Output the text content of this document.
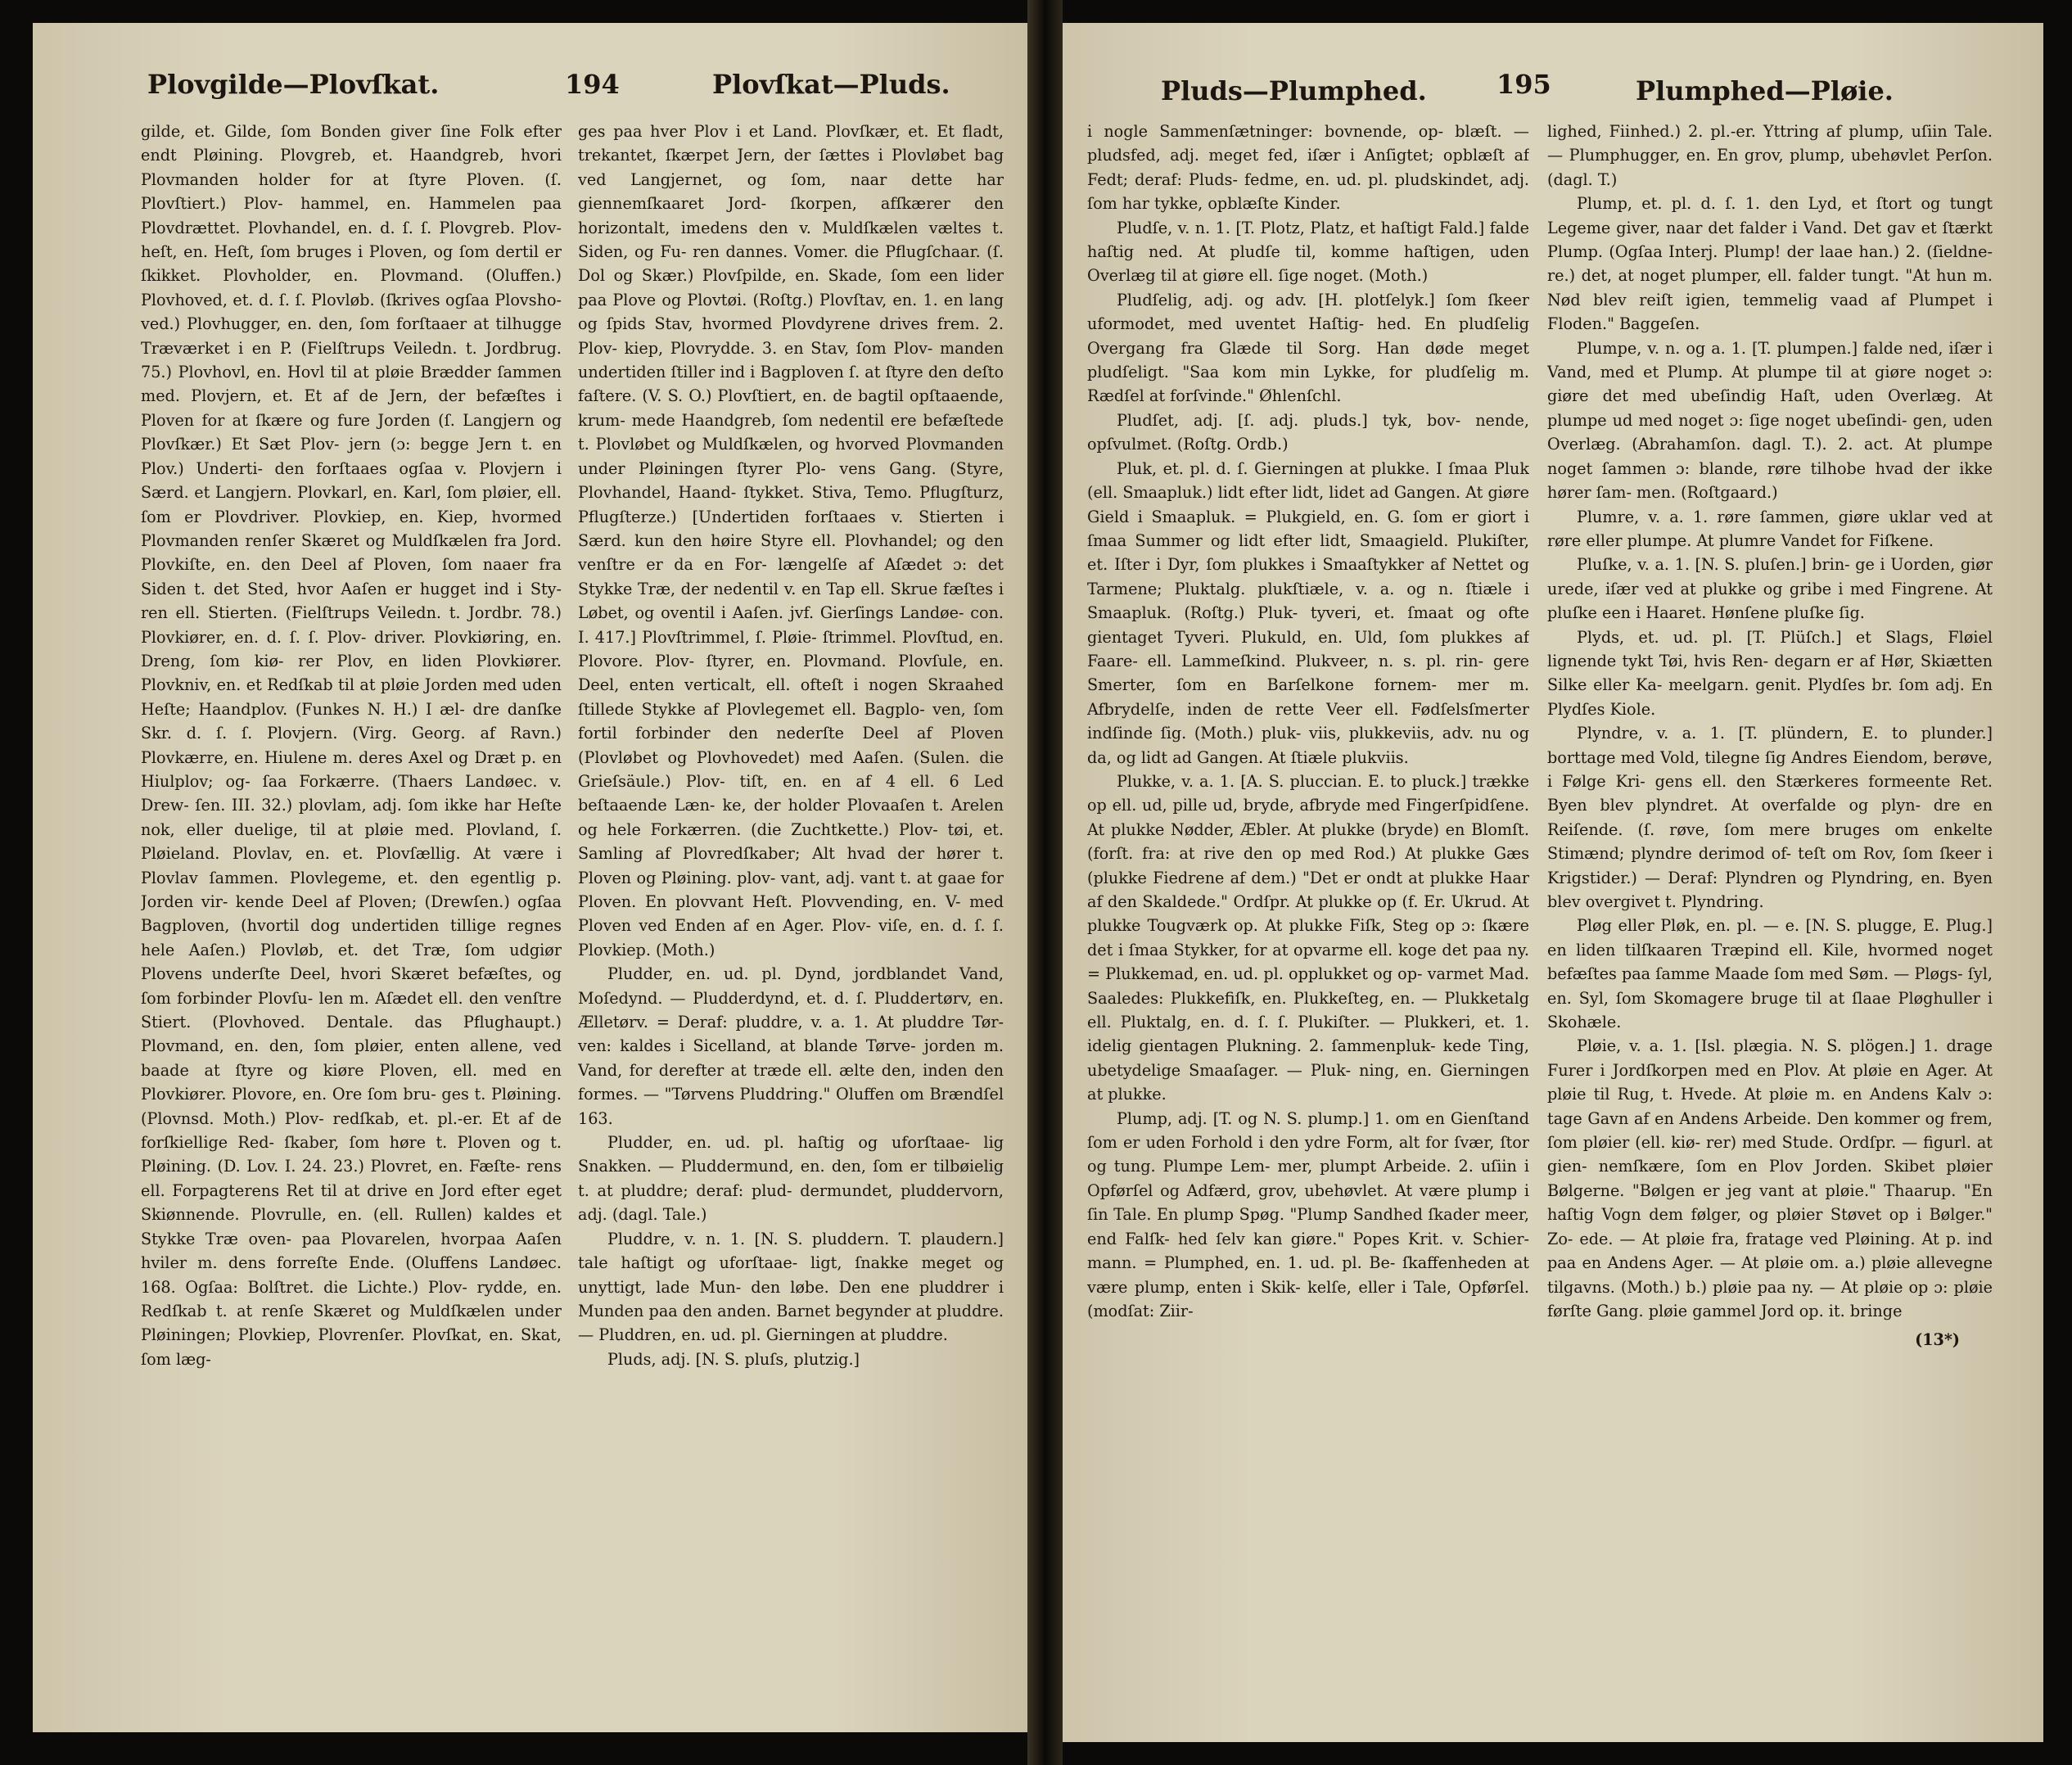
Plovgilde—Plovſkat.	194	Plovſkat—Pluds.

gilde, et. Gilde, ſom Bonden giver ſine Folk efter endt Pløining. Plovgreb, et. Haandgreb, hvori Plovmanden holder for at ſtyre Ploven. (ſ. Plovſtiert.) Plov- hammel, en. Hammelen paa Plovdrættet. Plovhandel, en. d. ſ. ſ. Plovgreb. Plov- heſt, en. Heſt, ſom bruges i Ploven, og ſom dertil er ſkikket. Plovholder, en. Plovmand. (Oluffen.) Plovhoved, et. d. ſ. ſ. Plovløb. (ſkrives ogſaa Plovsho- ved.) Plovhugger, en. den, ſom forſtaaer at tilhugge Træværket i en P. (Fielſtrups Veiledn. t. Jordbrug. 75.) Plovhovl, en. Hovl til at pløie Brædder ſammen med. Plovjern, et. Et af de Jern, der befæſtes i Ploven for at ſkære og fure Jorden (ſ. Langjern og Plovſkær.) Et Sæt Plov- jern (ɔ: begge Jern t. en Plov.) Underti- den forſtaaes ogſaa v. Plovjern i Særd. et Langjern. Plovkarl, en. Karl, ſom pløier, ell. ſom er Plovdriver. Plovkiep, en. Kiep, hvormed Plovmanden renſer Skæret og Muldſkælen fra Jord. Plovkiſte, en. den Deel af Ploven, ſom naaer fra Siden t. det Sted, hvor Aaſen er hugget ind i Sty- ren ell. Stierten. (Fielſtrups Veiledn. t. Jordbr. 78.) Plovkiører, en. d. ſ. ſ. Plov- driver. Plovkiøring, en. Dreng, ſom kiø- rer Plov, en liden Plovkiører. Plovkniv, en. et Redſkab til at pløie Jorden med uden Heſte; Haandplov. (Funkes N. H.) I æl- dre danſke Skr. d. ſ. ſ. Plovjern. (Virg. Georg. af Ravn.) Plovkærre, en. Hiulene m. deres Axel og Dræt p. en Hiulplov; og- ſaa Forkærre. (Thaers Landøec. v. Drew- ſen. III. 32.) plovlam, adj. ſom ikke har Heſte nok, eller duelige, til at pløie med. Plovland, ſ. Pløieland. Plovlav, en. et. Plovſællig. At være i Plovlav ſammen. Plovlegeme, et. den egentlig p. Jorden vir- kende Deel af Ploven; (Drewſen.) ogſaa Bagploven, (hvortil dog undertiden tillige regnes hele Aaſen.) Plovløb, et. det Træ, ſom udgiør Plovens underſte Deel, hvori Skæret befæſtes, og ſom forbinder Plovſu- len m. Aſædet ell. den venſtre Stiert. (Plovhoved. Dentale. das Pflughaupt.) Plovmand, en. den, ſom pløier, enten allene, ved baade at ſtyre og kiøre Ploven, ell. med en Plovkiører. Plovore, en. Ore ſom bru- ges t. Pløining. (Plovnsd. Moth.) Plov- redſkab, et. pl.-er. Et af de forſkiellige Red- ſkaber, ſom høre t. Ploven og t. Pløining. (D. Lov. I. 24. 23.) Plovret, en. Fæſte- rens ell. Forpagterens Ret til at drive en Jord efter eget Skiønnende. Plovrulle, en. (ell. Rullen) kaldes et Stykke Træ oven- paa Plovarelen, hvorpaa Aaſen hviler m. dens forreſte Ende. (Oluffens Landøec. 168. Ogſaa: Bolſtret. die Lichte.) Plov- rydde, en. Redſkab t. at renſe Skæret og Muldſkælen under Pløiningen; Plovkiep, Plovrenſer. Plovſkat, en. Skat, ſom læg-

ges paa hver Plov i et Land. Plovſkær, et. Et fladt, trekantet, ſkærpet Jern, der ſættes i Plovløbet bag ved Langjernet, og ſom, naar dette har giennemſkaaret Jord- ſkorpen, afſkærer den horizontalt, imedens den v. Muldſkælen væltes t. Siden, og Fu- ren dannes. Vomer. die Pflugſchaar. (ſ. Dol og Skær.) Plovſpilde, en. Skade, ſom een lider paa Plove og Plovtøi. (Roſtg.) Plovſtav, en. 1. en lang og ſpids Stav, hvormed Plovdyrene drives frem. 2. Plov- kiep, Plovrydde. 3. en Stav, ſom Plov- manden undertiden ſtiller ind i Bagploven ſ. at ſtyre den deſto faſtere. (V. S. O.) Plovſtiert, en. de bagtil opſtaaende, krum- mede Haandgreb, ſom nedentil ere befæſtede t. Plovløbet og Muldſkælen, og hvorved Plovmanden under Pløiningen ſtyrer Plo- vens Gang. (Styre, Plovhandel, Haand- ſtykket. Stiva, Temo. Pflugſturz, Pflugſterze.) [Undertiden forſtaaes v. Stierten i Særd. kun den høire Styre ell. Plovhandel; og den venſtre er da en For- længelſe af Aſædet ɔ: det Stykke Træ, der nedentil v. en Tap ell. Skrue fæſtes i Løbet, og oventil i Aaſen. jvf. Gierſings Landøe- con. I. 417.] Plovſtrimmel, ſ. Pløie- ſtrimmel. Plovſtud, en. Plovore. Plov- ſtyrer, en. Plovmand. Plovſule, en. Deel, enten verticalt, ell. ofteſt i nogen Skraahed ſtillede Stykke af Plovlegemet ell. Bagplo- ven, ſom fortil forbinder den nederſte Deel af Ploven (Plovløbet og Plovhovedet) med Aaſen. (Sulen. die Grieſsäule.) Plov- tiſt, en. en af 4 ell. 6 Led beſtaaende Læn- ke, der holder Plovaaſen t. Arelen og hele Forkærren. (die Zuchtkette.) Plov- tøi, et. Samling af Plovredſkaber; Alt hvad der hører t. Ploven og Pløining. plov- vant, adj. vant t. at gaae for Ploven. En plovvant Heſt. Plovvending, en. V- med Ploven ved Enden af en Ager. Plov- viſe, en. d. ſ. ſ. Plovkiep. (Moth.)

Pludder, en. ud. pl. Dynd, jordblandet Vand, Moſedynd. — Pludderdynd, et. d. ſ. Pluddertørv, en. Ælletørv. = Deraf: pluddre, v. a. 1. At pluddre Tør- ven: kaldes i Sicelland, at blande Tørve- jorden m. Vand, for derefter at træde ell. ælte den, inden den formes. — "Tørvens Pluddring." Oluffen om Brændſel 163.

Pludder, en. ud. pl. haſtig og uforſtaae- lig Snakken. — Pluddermund, en. den, ſom er tilbøielig t. at pluddre; deraf: plud- dermundet, pluddervorn, adj. (dagl. Tale.)

Pluddre, v. n. 1. [N. S. pluddern. T. plaudern.] tale haſtigt og uforſtaae- ligt, ſnakke meget og unyttigt, lade Mun- den løbe. Den ene pluddrer i Munden paa den anden. Barnet begynder at pluddre. — Pluddren, en. ud. pl. Gierningen at pluddre.

Pluds, adj. [N. S. pluſs, plutzig.]

Pluds—Plumphed.	195	Plumphed—Pløie.

i nogle Sammenſætninger: bovnende, op- blæſt. — pludsfed, adj. meget fed, iſær i Anſigtet; opblæſt af Fedt; deraf: Pluds- fedme, en. ud. pl. pludskindet, adj. ſom har tykke, opblæſte Kinder.

Pludſe, v. n. 1. [T. Plotz, Platz, et haſtigt Fald.] falde haſtig ned. At pludſe til, komme haſtigen, uden Overlæg til at giøre ell. ſige noget. (Moth.)

Pludſelig, adj. og adv. [H. plotſelyk.] ſom ſkeer uformodet, med uventet Haſtig- hed. En pludſelig Overgang fra Glæde til Sorg. Han døde meget pludſeligt. "Saa kom min Lykke, for pludſelig m. Rædſel at forſvinde." Øhlenſchl.

Pludſet, adj. [ſ. adj. pluds.] tyk, bov- nende, opſvulmet. (Roſtg. Ordb.)

Pluk, et. pl. d. ſ. Gierningen at plukke. I ſmaa Pluk (ell. Smaapluk.) lidt efter lidt, lidet ad Gangen. At giøre Gield i Smaapluk. = Plukgield, en. G. ſom er giort i ſmaa Summer og lidt efter lidt, Smaagield. Plukiſter, et. Iſter i Dyr, ſom plukkes i Smaaſtykker af Nettet og Tarmene; Pluktalg. plukſtiæle, v. a. og n. ſtiæle i Smaapluk. (Roſtg.) Pluk- tyveri, et. ſmaat og ofte gientaget Tyveri. Plukuld, en. Uld, ſom plukkes af Faare- ell. Lammeſkind. Plukveer, n. s. pl. rin- gere Smerter, ſom en Barſelkone fornem- mer m. Afbrydelſe, inden de rette Veer ell. Fødſelsſmerter indſinde ſig. (Moth.) pluk- viis, plukkeviis, adv. nu og da, og lidt ad Gangen. At ſtiæle plukviis.

Plukke, v. a. 1. [A. S. pluccian. E. to pluck.] trække op ell. ud, pille ud, bryde, afbryde med Fingerſpidſene. At plukke Nødder, Æbler. At plukke (bryde) en Blomſt. (forſt. fra: at rive den op med Rod.) At plukke Gæs (plukke Fiedrene af dem.) "Det er ondt at plukke Haar af den Skaldede." Ordſpr. At plukke op (f. Er. Ukrud. At plukke Tougværk op. At plukke Fiſk, Steg op ɔ: ſkære det i ſmaa Stykker, for at opvarme ell. koge det paa ny. = Plukkemad, en. ud. pl. opplukket og op- varmet Mad. Saaledes: Plukkefiſk, en. Plukkeſteg, en. — Plukketalg ell. Pluktalg, en. d. ſ. ſ. Plukiſter. — Plukkeri, et. 1. idelig gientagen Plukning. 2. ſammenpluk- kede Ting, ubetydelige Smaaſager. — Pluk- ning, en. Gierningen at plukke.

Plump, adj. [T. og N. S. plump.] 1. om en Gienſtand ſom er uden Forhold i den ydre Form, alt for ſvær, ſtor og tung. Plumpe Lem- mer, plumpt Arbeide. 2. uſiin i Opførſel og Adfærd, grov, ubehøvlet. At være plump i ſin Tale. En plump Spøg. "Plump Sandhed ſkader meer, end Falſk- hed ſelv kan giøre." Popes Krit. v. Schier- mann. = Plumphed, en. 1. ud. pl. Be- ſkaffenheden at være plump, enten i Skik- kelſe, eller i Tale, Opførſel. (modſat: Ziir-

lighed, Fiinhed.) 2. pl.-er. Yttring af plump, uſiin Tale. — Plumphugger, en. En grov, plump, ubehøvlet Perſon. (dagl. T.)

Plump, et. pl. d. ſ. 1. den Lyd, et ſtort og tungt Legeme giver, naar det falder i Vand. Det gav et ſtærkt Plump. (Ogſaa Interj. Plump! der laae han.) 2. (ſieldne- re.) det, at noget plumper, ell. falder tungt. "At hun m. Nød blev reiſt igien, temmelig vaad af Plumpet i Floden." Baggeſen.

Plumpe, v. n. og a. 1. [T. plumpen.] falde ned, iſær i Vand, med et Plump. At plumpe til at giøre noget ɔ: giøre det med ubeſindig Haſt, uden Overlæg. At plumpe ud med noget ɔ: ſige noget ubeſindi- gen, uden Overlæg. (Abrahamſon. dagl. T.). 2. act. At plumpe noget ſammen ɔ: blande, røre tilhobe hvad der ikke hører ſam- men. (Roſtgaard.)

Plumre, v. a. 1. røre ſammen, giøre uklar ved at røre eller plumpe. At plumre Vandet for Fiſkene.

Pluſke, v. a. 1. [N. S. pluſen.] brin- ge i Uorden, giør urede, iſær ved at plukke og gribe i med Fingrene. At pluſke een i Haaret. Hønſene pluſke ſig.

Plyds, et. ud. pl. [T. Plüſch.] et Slags, Fløiel lignende tykt Tøi, hvis Ren- degarn er af Hør, Skiætten Silke eller Ka- meelgarn. genit. Plydſes br. ſom adj. En Plydſes Kiole.

Plyndre, v. a. 1. [T. plündern, E. to plunder.] borttage med Vold, tilegne ſig Andres Eiendom, berøve, i Følge Kri- gens ell. den Stærkeres formeente Ret. Byen blev plyndret. At overfalde og plyn- dre en Reiſende. (ſ. røve, ſom mere bruges om enkelte Stimænd; plyndre derimod of- teſt om Rov, ſom ſkeer i Krigstider.) — Deraf: Plyndren og Plyndring, en. Byen blev overgivet t. Plyndring.

Pløg eller Pløk, en. pl. — e. [N. S. plugge, E. Plug.] en liden tilſkaaren Træpind ell. Kile, hvormed noget befæſtes paa ſamme Maade ſom med Søm. — Pløgs- ſyl, en. Syl, ſom Skomagere bruge til at ſlaae Pløghuller i Skohæle.

Pløie, v. a. 1. [Isl. plægia. N. S. plögen.] 1. drage Furer i Jordſkorpen med en Plov. At pløie en Ager. At pløie til Rug, t. Hvede. At pløie m. en Andens Kalv ɔ: tage Gavn af en Andens Arbeide. Den kommer og frem, ſom pløier (ell. kiø- rer) med Stude. Ordſpr. — figurl. at gien- nemſkære, ſom en Plov Jorden. Skibet pløier Bølgerne. "Bølgen er jeg vant at pløie." Thaarup. "En haſtig Vogn dem følger, og pløier Støvet op i Bølger." Zo- ede. — At pløie fra, fratage ved Pløining. At p. ind paa en Andens Ager. — At pløie om. a.) pløie allevegne tilgavns. (Moth.) b.) pløie paa ny. — At pløie op ɔ: pløie førſte Gang. pløie gammel Jord op. it. bringe

(13*)
